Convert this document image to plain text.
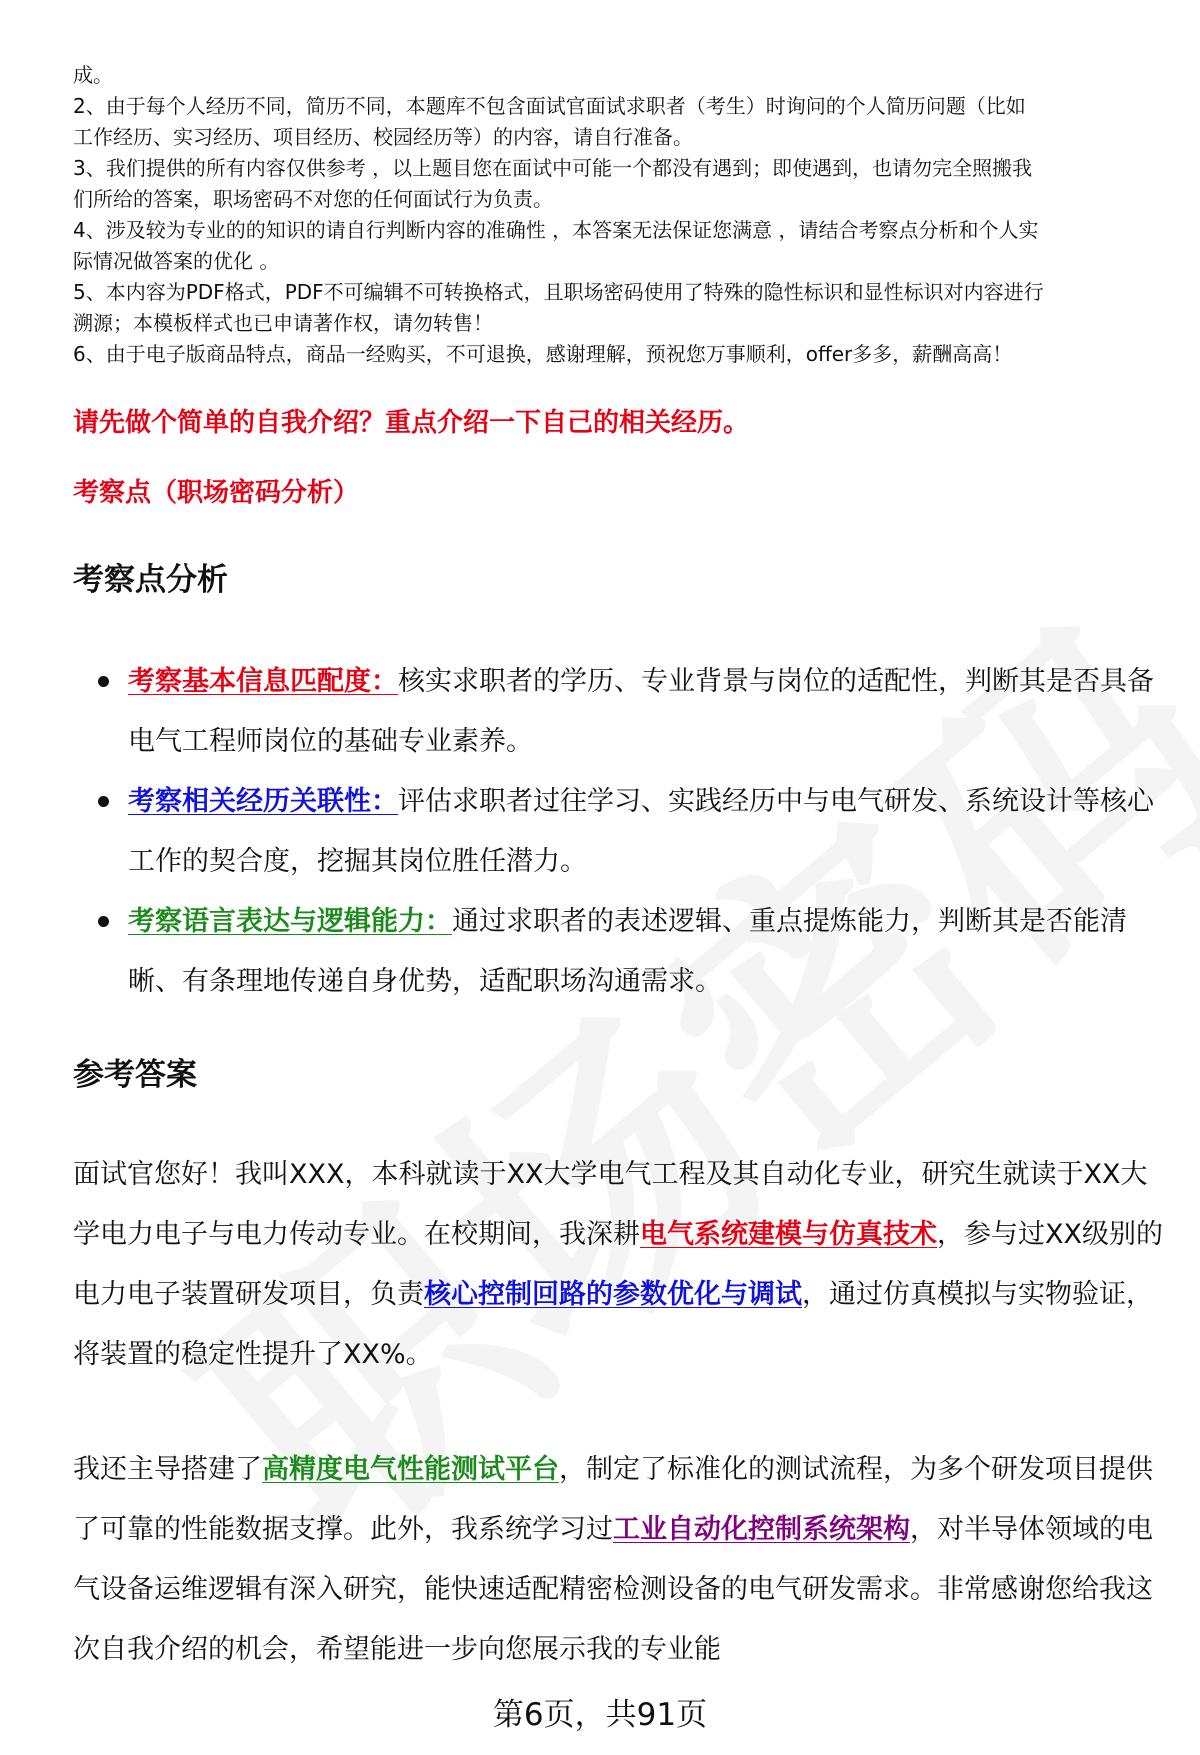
成。

2、由于每个人经历不同，简历不同，本题库不包含面试官面试求职者（考生）时询问的个人简历问题（比如

工作经历、实习经历、项目经历、校园经历等）的内容，请自行准备。

3、我们提供的所有内容仅供参考 ，以上题目您在面试中可能一个都没有遇到；即使遇到，也请勿完全照搬我

们所给的答案，职场密码不对您的任何面试行为负责。

4、涉及较为专业的的知识的请自行判断内容的准确性 ，本答案无法保证您满意 ，请结合考察点分析和个人实

际情况做答案的优化 。

5、本内容为PDF格式，PDF不可编辑不可转换格式，且职场密码使用了特殊的隐性标识和显性标识对内容进行

溯源；本模板样式也已申请著作权，请勿转售！

6、由于电子版商品特点，商品一经购买，不可退换，感谢理解，预祝您万事顺利，offer多多，薪酬高高！

请先做个简单的自我介绍？重点介绍一下自己的相关经历。
考察点（职场密码分析）
考察点分析
考察基本信息匹配度：核实求职者的学历、专业背景与岗位的适配性，判断其是否具备电气工程师岗位的基础专业素养。
考察相关经历关联性：评估求职者过往学习、实践经历中与电气研发、系统设计等核心工作的契合度，挖掘其岗位胜任潜力。
考察语言表达与逻辑能力：通过求职者的表述逻辑、重点提炼能力，判断其是否能清晰、有条理地传递自身优势，适配职场沟通需求。
参考答案

面试官您好！我叫XXX，本科就读于XX大学电气工程及其自动化专业，研究生就读于XX大学电力电子与电力传动专业。在校期间，我深耕电气系统建模与仿真技术，参与过XX级别的电力电子装置研发项目，负责核心控制回路的参数优化与调试，通过仿真模拟与实物验证，将装置的稳定性提升了XX%。

我还主导搭建了高精度电气性能测试平台，制定了标准化的测试流程，为多个研发项目提供了可靠的性能数据支撑。此外，我系统学习过工业自动化控制系统架构，对半导体领域的电气设备运维逻辑有深入研究，能快速适配精密检测设备的电气研发需求。非常感谢您给我这次自我介绍的机会，希望能进一步向您展示我的专业能

第6页，共91页
